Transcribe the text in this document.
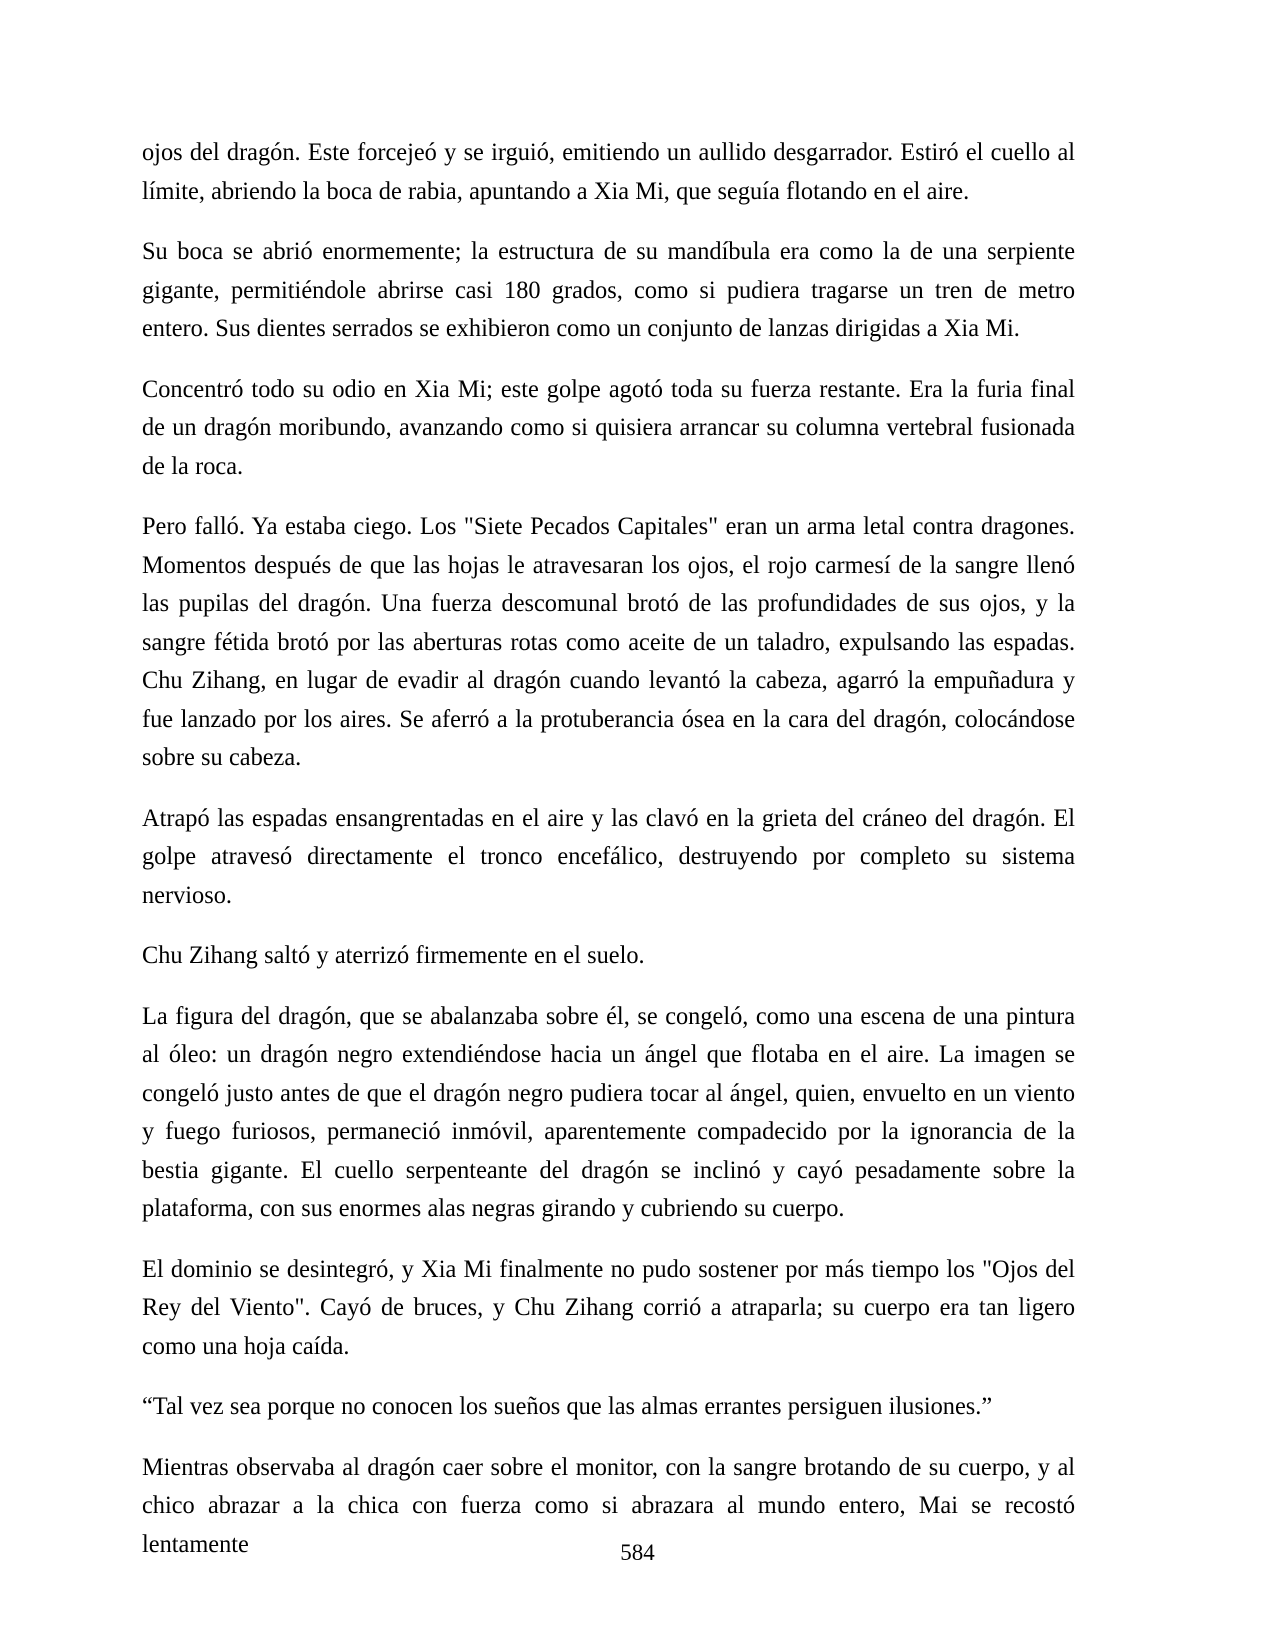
ojos del dragón. Este forcejeó y se irguió, emitiendo un aullido desgarrador. Estiró el cuello al límite, abriendo la boca de rabia, apuntando a Xia Mi, que seguía flotando en el aire.

Su boca se abrió enormemente; la estructura de su mandíbula era como la de una serpiente gigante, permitiéndole abrirse casi 180 grados, como si pudiera tragarse un tren de metro entero. Sus dientes serrados se exhibieron como un conjunto de lanzas dirigidas a Xia Mi.

Concentró todo su odio en Xia Mi; este golpe agotó toda su fuerza restante. Era la furia final de un dragón moribundo, avanzando como si quisiera arrancar su columna vertebral fusionada de la roca.

Pero falló. Ya estaba ciego. Los "Siete Pecados Capitales" eran un arma letal contra dragones. Momentos después de que las hojas le atravesaran los ojos, el rojo carmesí de la sangre llenó las pupilas del dragón. Una fuerza descomunal brotó de las profundidades de sus ojos, y la sangre fétida brotó por las aberturas rotas como aceite de un taladro, expulsando las espadas. Chu Zihang, en lugar de evadir al dragón cuando levantó la cabeza, agarró la empuñadura y fue lanzado por los aires. Se aferró a la protuberancia ósea en la cara del dragón, colocándose sobre su cabeza.

Atrapó las espadas ensangrentadas en el aire y las clavó en la grieta del cráneo del dragón. El golpe atravesó directamente el tronco encefálico, destruyendo por completo su sistema nervioso.

Chu Zihang saltó y aterrizó firmemente en el suelo.

La figura del dragón, que se abalanzaba sobre él, se congeló, como una escena de una pintura al óleo: un dragón negro extendiéndose hacia un ángel que flotaba en el aire. La imagen se congeló justo antes de que el dragón negro pudiera tocar al ángel, quien, envuelto en un viento y fuego furiosos, permaneció inmóvil, aparentemente compadecido por la ignorancia de la bestia gigante. El cuello serpenteante del dragón se inclinó y cayó pesadamente sobre la plataforma, con sus enormes alas negras girando y cubriendo su cuerpo.

El dominio se desintegró, y Xia Mi finalmente no pudo sostener por más tiempo los "Ojos del Rey del Viento". Cayó de bruces, y Chu Zihang corrió a atraparla; su cuerpo era tan ligero como una hoja caída.

“Tal vez sea porque no conocen los sueños que las almas errantes persiguen ilusiones.”

Mientras observaba al dragón caer sobre el monitor, con la sangre brotando de su cuerpo, y al chico abrazar a la chica con fuerza como si abrazara al mundo entero, Mai se recostó lentamente	584
